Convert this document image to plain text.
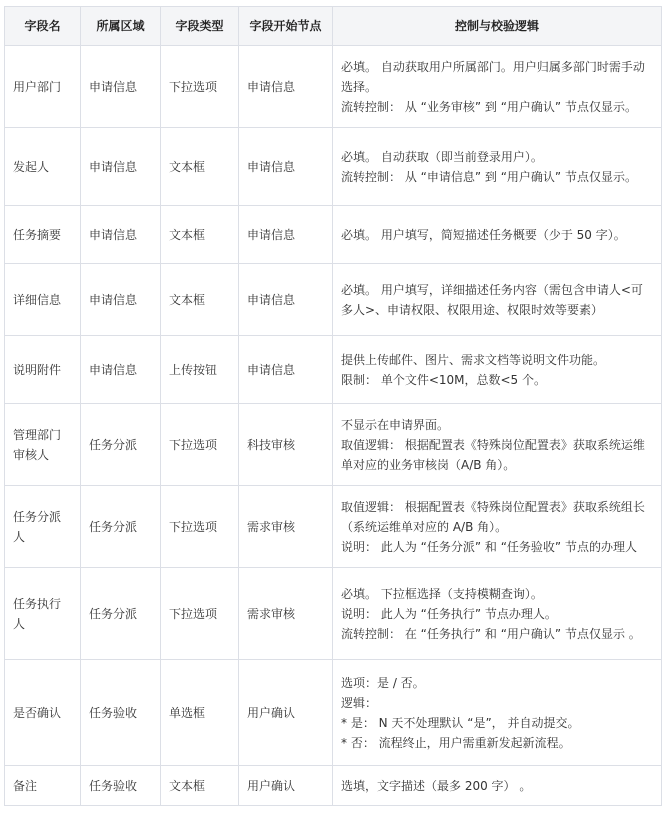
字段名	所属区域	字段类型	字段开始节点	控制与校验逻辑
用户部门	申请信息	下拉选项	申请信息	必填。 自动获取用户所属部门。用户归属多部门时需手动选择。
流转控制： 从 “业务审核” 到 “用户确认” 节点仅显示。

发起人	申请信息	文本框	申请信息	必填。 自动获取（即当前登录用户）。
流转控制： 从 “申请信息” 到 “用户确认” 节点仅显示。

任务摘要	申请信息	文本框	申请信息	必填。 用户填写，简短描述任务概要（少于 50 字）。

详细信息	申请信息	文本框	申请信息	必填。 用户填写，详细描述任务内容（需包含申请人<可多人>、申请权限、权限用途、权限时效等要素）

说明附件	申请信息	上传按钮	申请信息	提供上传邮件、图片、需求文档等说明文件功能。
限制： 单个文件<10M，总数<5 个。

管理部门审核人	任务分派	下拉选项	科技审核	不显示在申请界面。
取值逻辑： 根据配置表《特殊岗位配置表》获取系统运维单对应的业务审核岗（A/B 角）。

任务分派人	任务分派	下拉选项	需求审核	取值逻辑： 根据配置表《特殊岗位配置表》获取系统组长（系统运维单对应的 A/B 角）。
说明： 此人为 “任务分派” 和 “任务验收” 节点的办理人

任务执行人	任务分派	下拉选项	需求审核	必填。 下拉框选择（支持模糊查询）。
说明： 此人为 “任务执行” 节点办理人。
流转控制： 在 “任务执行” 和 “用户确认” 节点仅显示 。

是否确认	任务验收	单选框	用户确认	选项：是 / 否。
逻辑：
* 是： N 天不处理默认 “是”， 并自动提交。
* 否： 流程终止，用户需重新发起新流程。

备注	任务验收	文本框	用户确认	选填，文字描述（最多 200 字） 。
